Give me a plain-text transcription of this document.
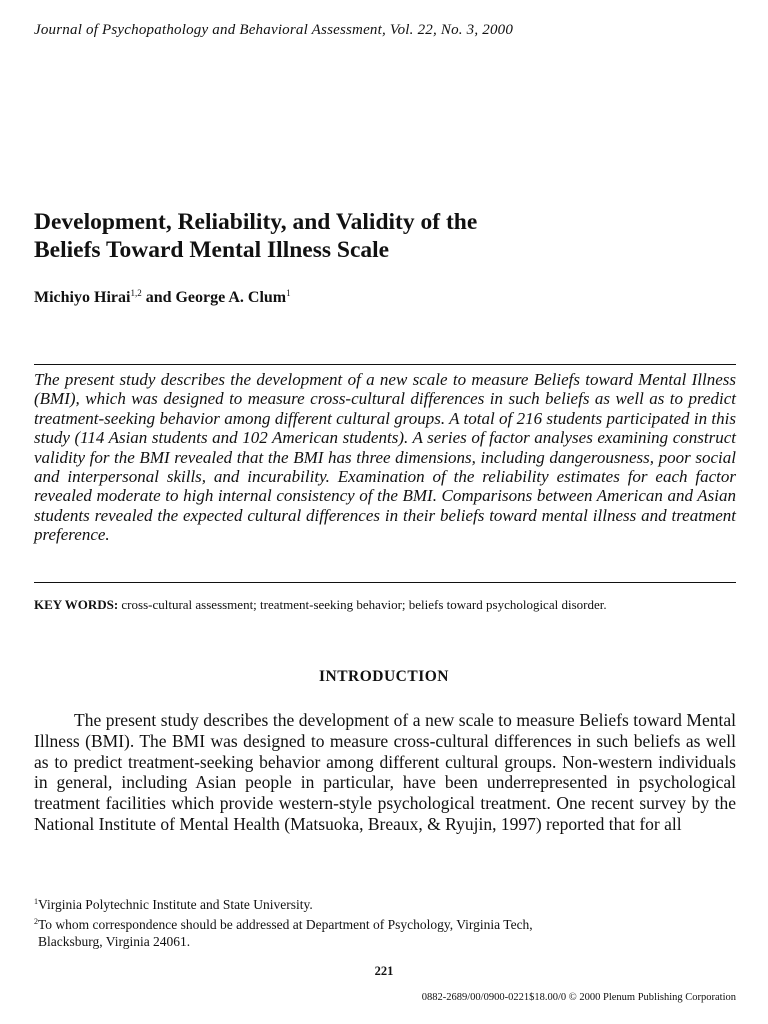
Journal of Psychopathology and Behavioral Assessment, Vol. 22, No. 3, 2000
Development, Reliability, and Validity of the
Beliefs Toward Mental Illness Scale
Michiyo Hirai$^{1,2}$ and George A. Clum$^1$

The present study describes the development of a new scale to measure Beliefs toward Mental Illness (BMI), which was designed to measure cross-cultural differences in such beliefs as well as to predict treatment-seeking behavior among different cultural groups. A total of 216 students participated in this study (114 Asian students and 102 American students). A series of factor analyses examining construct validity for the BMI revealed that the BMI has three dimensions, including dangerousness, poor social and interpersonal skills, and incurability. Examination of the reliability estimates for each factor revealed moderate to high internal consistency of the BMI. Comparisons between American and Asian students revealed the expected cultural differences in their beliefs toward mental illness and treatment preference.

KEY WORDS: cross-cultural assessment; treatment-seeking behavior; beliefs toward psychological disorder.

INTRODUCTION

The present study describes the development of a new scale to measure Beliefs toward Mental Illness (BMI). The BMI was designed to measure cross-cultural differences in such beliefs as well as to predict treatment-seeking behavior among different cultural groups. Non-western individuals in general, including Asian people in particular, have been underrepresented in psychological treatment facilities which provide western-style psychological treatment. One recent survey by the National Institute of Mental Health (Matsuoka, Breaux, & Ryujin, 1997) reported that for all

$^1$Virginia Polytechnic Institute and State University.
$^2$To whom correspondence should be addressed at Department of Psychology, Virginia Tech,
Blacksburg, Virginia 24061.
221
0882-2689/00/0900-0221$18.00/0 © 2000 Plenum Publishing Corporation
